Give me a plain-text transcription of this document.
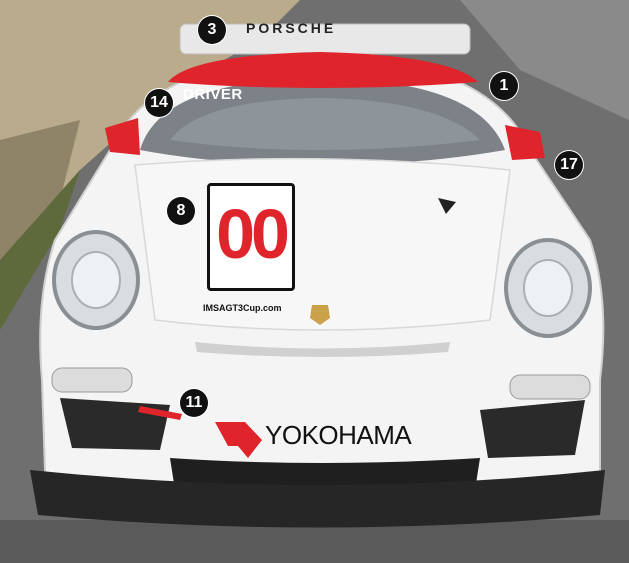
PORSCHE
DRIVER
00
IMSAGT3Cup.com
YOKOHAMA
1
3
8
11
14
17
